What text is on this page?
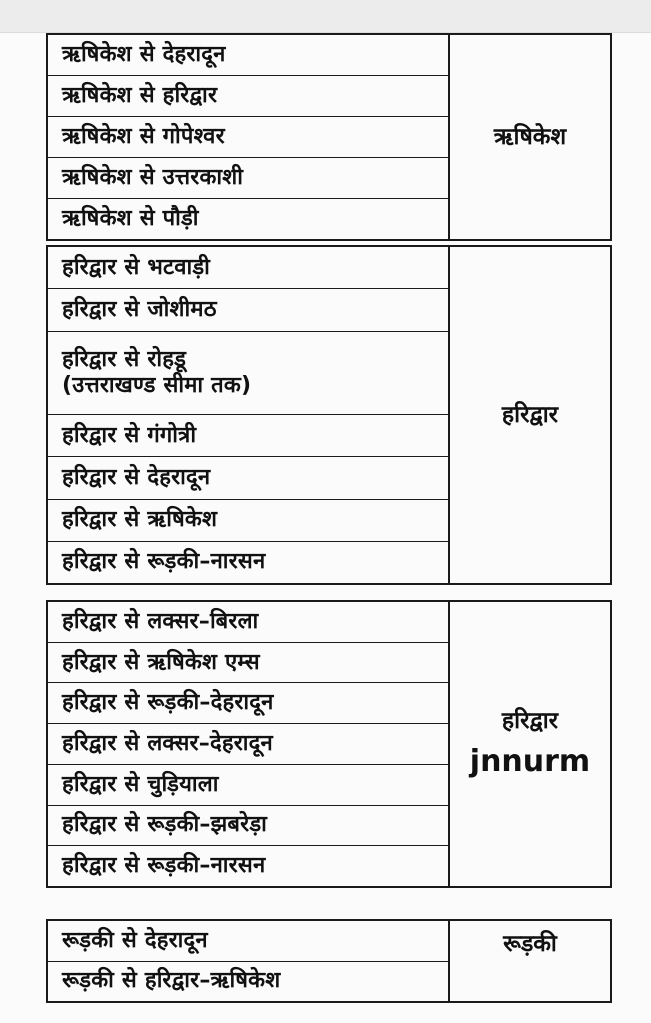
ऋषिकेश से देहरादून
ऋषिकेश से हरिद्वार
ऋषिकेश से गोपेश्वर
ऋषिकेश से उत्तरकाशी
ऋषिकेश से पौड़ी
ऋषिकेश
हरिद्वार से भटवाड़ी
हरिद्वार से जोशीमठ
हरिद्वार से रोहडू
(उत्तराखण्ड सीमा तक)
हरिद्वार से गंगोत्री
हरिद्वार से देहरादून
हरिद्वार से ऋषिकेश
हरिद्वार से रूड़की–नारसन
हरिद्वार
हरिद्वार से लक्सर–बिरला
हरिद्वार से ऋषिकेश एम्स
हरिद्वार से रूड़की–देहरादून
हरिद्वार से लक्सर–देहरादून
हरिद्वार से चुड़ियाला
हरिद्वार से रूड़की–झबरेड़ा
हरिद्वार से रूड़की–नारसन
हरिद्वार
jnnurm
रूड़की से देहरादून
रूड़की से हरिद्वार–ऋषिकेश
रूड़की
